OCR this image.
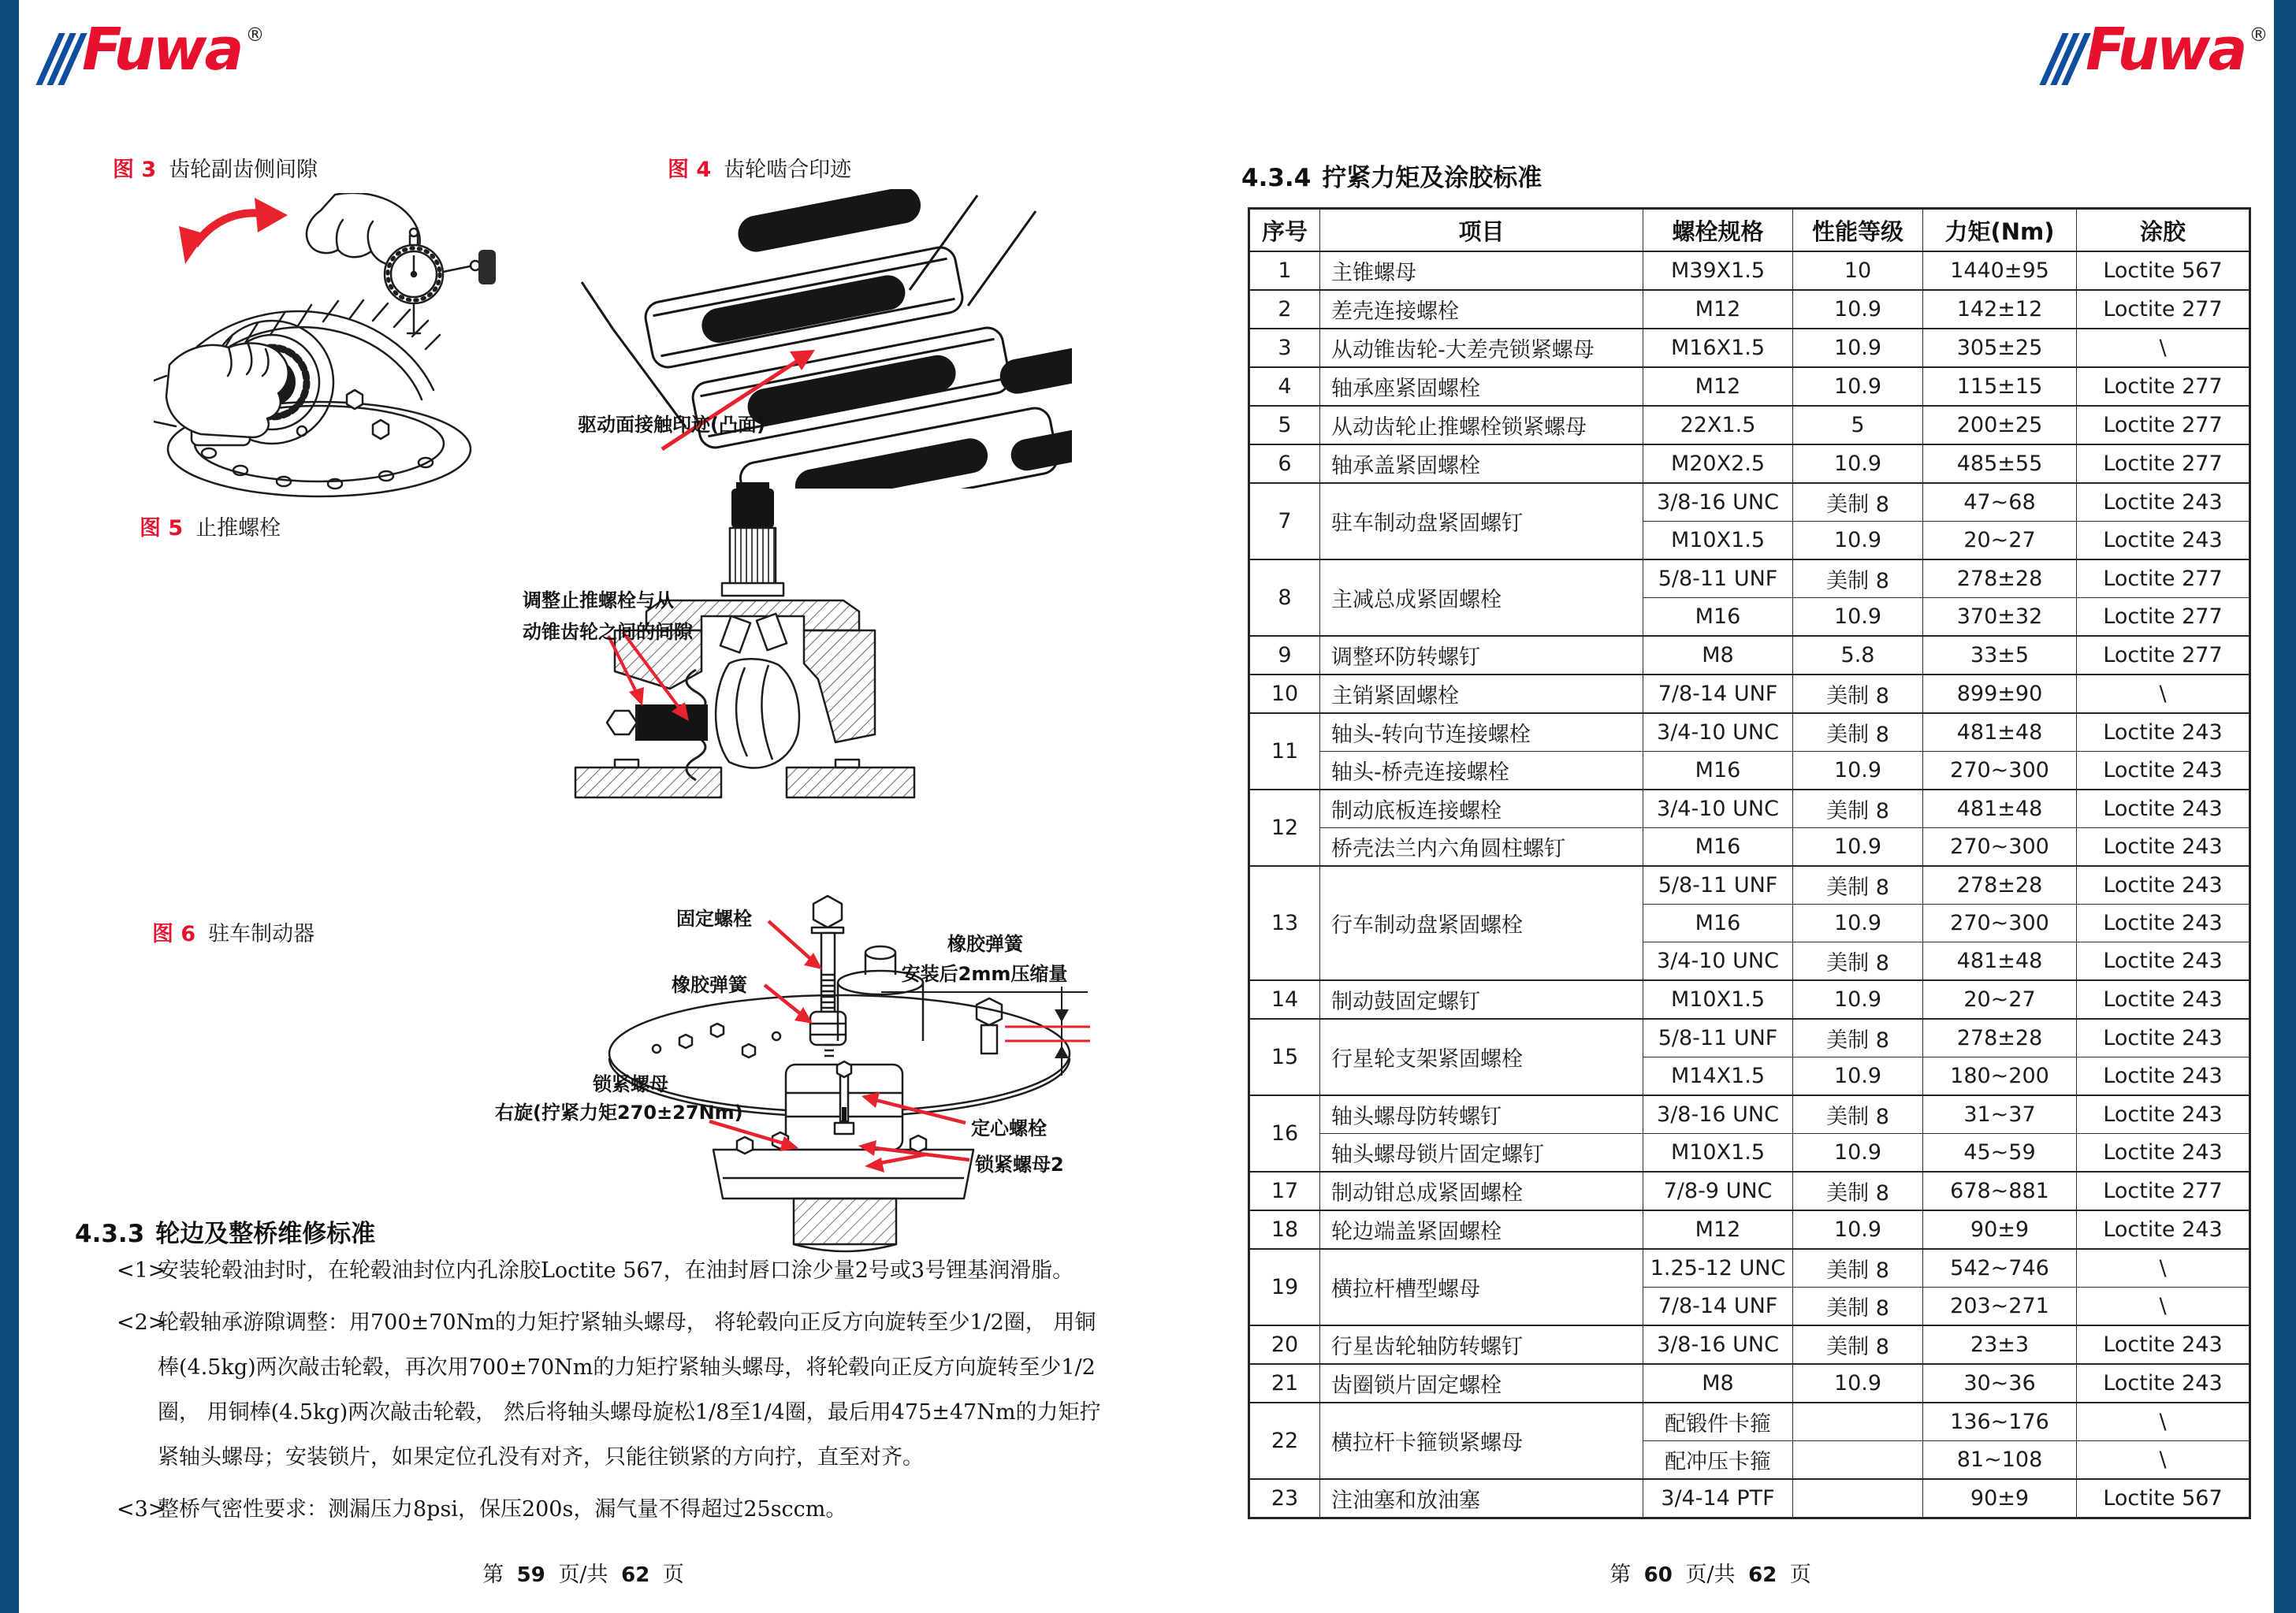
Fuwa ®
图 3 齿轮副齿侧间隙	图 4 齿轮啮合印迹
图 5 止推螺栓
图 6 驻车制动器
驱动面接触印迹(凸面)
调整止推螺栓与从
动锥齿轮之间的间隙
固定螺栓
橡胶弹簧
橡胶弹簧
安装后2mm压缩量
锁紧螺母
右旋(拧紧力矩270±27Nm)
定心螺栓
锁紧螺母2
4.3.3 轮边及整桥维修标准
<1>
安装轮毂油封时，在轮毂油封位内孔涂胶Loctite 567，在油封唇口涂少量2号或3号锂基润滑脂。
<2>
轮毂轴承游隙调整：用700±70Nm的力矩拧紧轴头螺母， 将轮毂向正反方向旋转至少1/2圈， 用铜
棒(4.5kg)两次敲击轮毂，再次用700±70Nm的力矩拧紧轴头螺母，将轮毂向正反方向旋转至少1/2
圈， 用铜棒(4.5kg)两次敲击轮毂， 然后将轴头螺母旋松1/8至1/4圈，最后用475±47Nm的力矩拧
紧轴头螺母；安装锁片，如果定位孔没有对齐，只能往锁紧的方向拧，直至对齐。
<3>
整桥气密性要求：测漏压力8psi，保压200s，漏气量不得超过25sccm。
第 59 页/共 62 页
Fuwa ®
4.3.4 拧紧力矩及涂胶标准
序号	项目	螺栓规格	性能等级	力矩(Nm)	涂胶
1	主锥螺母	M39X1.5	10	1440±95	Loctite 567
2	差壳连接螺栓	M12	10.9	142±12	Loctite 277
3	从动锥齿轮-大差壳锁紧螺母	M16X1.5	10.9	305±25	\
4	轴承座紧固螺栓	M12	10.9	115±15	Loctite 277
5	从动齿轮止推螺栓锁紧螺母	22X1.5	5	200±25	Loctite 277
6	轴承盖紧固螺栓	M20X2.5	10.9	485±55	Loctite 277
7	驻车制动盘紧固螺钉	3/8-16 UNC	美制 8	47~68	Loctite 243
		M10X1.5	10.9	20~27	Loctite 243
8	主减总成紧固螺栓	5/8-11 UNF	美制 8	278±28	Loctite 277
		M16	10.9	370±32	Loctite 277
9	调整环防转螺钉	M8	5.8	33±5	Loctite 277
10	主销紧固螺栓	7/8-14 UNF	美制 8	899±90	\
11	轴头-转向节连接螺栓	3/4-10 UNC	美制 8	481±48	Loctite 243
	轴头-桥壳连接螺栓	M16	10.9	270~300	Loctite 243
12	制动底板连接螺栓	3/4-10 UNC	美制 8	481±48	Loctite 243
	桥壳法兰内六角圆柱螺钉	M16	10.9	270~300	Loctite 243
13	行车制动盘紧固螺栓	5/8-11 UNF	美制 8	278±28	Loctite 243
		M16	10.9	270~300	Loctite 243
		3/4-10 UNC	美制 8	481±48	Loctite 243
14	制动鼓固定螺钉	M10X1.5	10.9	20~27	Loctite 243
15	行星轮支架紧固螺栓	5/8-11 UNF	美制 8	278±28	Loctite 243
		M14X1.5	10.9	180~200	Loctite 243
16	轴头螺母防转螺钉	3/8-16 UNC	美制 8	31~37	Loctite 243
	轴头螺母锁片固定螺钉	M10X1.5	10.9	45~59	Loctite 243
17	制动钳总成紧固螺栓	7/8-9 UNC	美制 8	678~881	Loctite 277
18	轮边端盖紧固螺栓	M12	10.9	90±9	Loctite 243
19	横拉杆槽型螺母	1.25-12 UNC	美制 8	542~746	\
		7/8-14 UNF	美制 8	203~271	\
20	行星齿轮轴防转螺钉	3/8-16 UNC	美制 8	23±3	Loctite 243
21	齿圈锁片固定螺栓	M8	10.9	30~36	Loctite 243
22	横拉杆卡箍锁紧螺母	配锻件卡箍		136~176	\
		配冲压卡箍		81~108	\
23	注油塞和放油塞	3/4-14 PTF		90±9	Loctite 567
第 60 页/共 62 页
